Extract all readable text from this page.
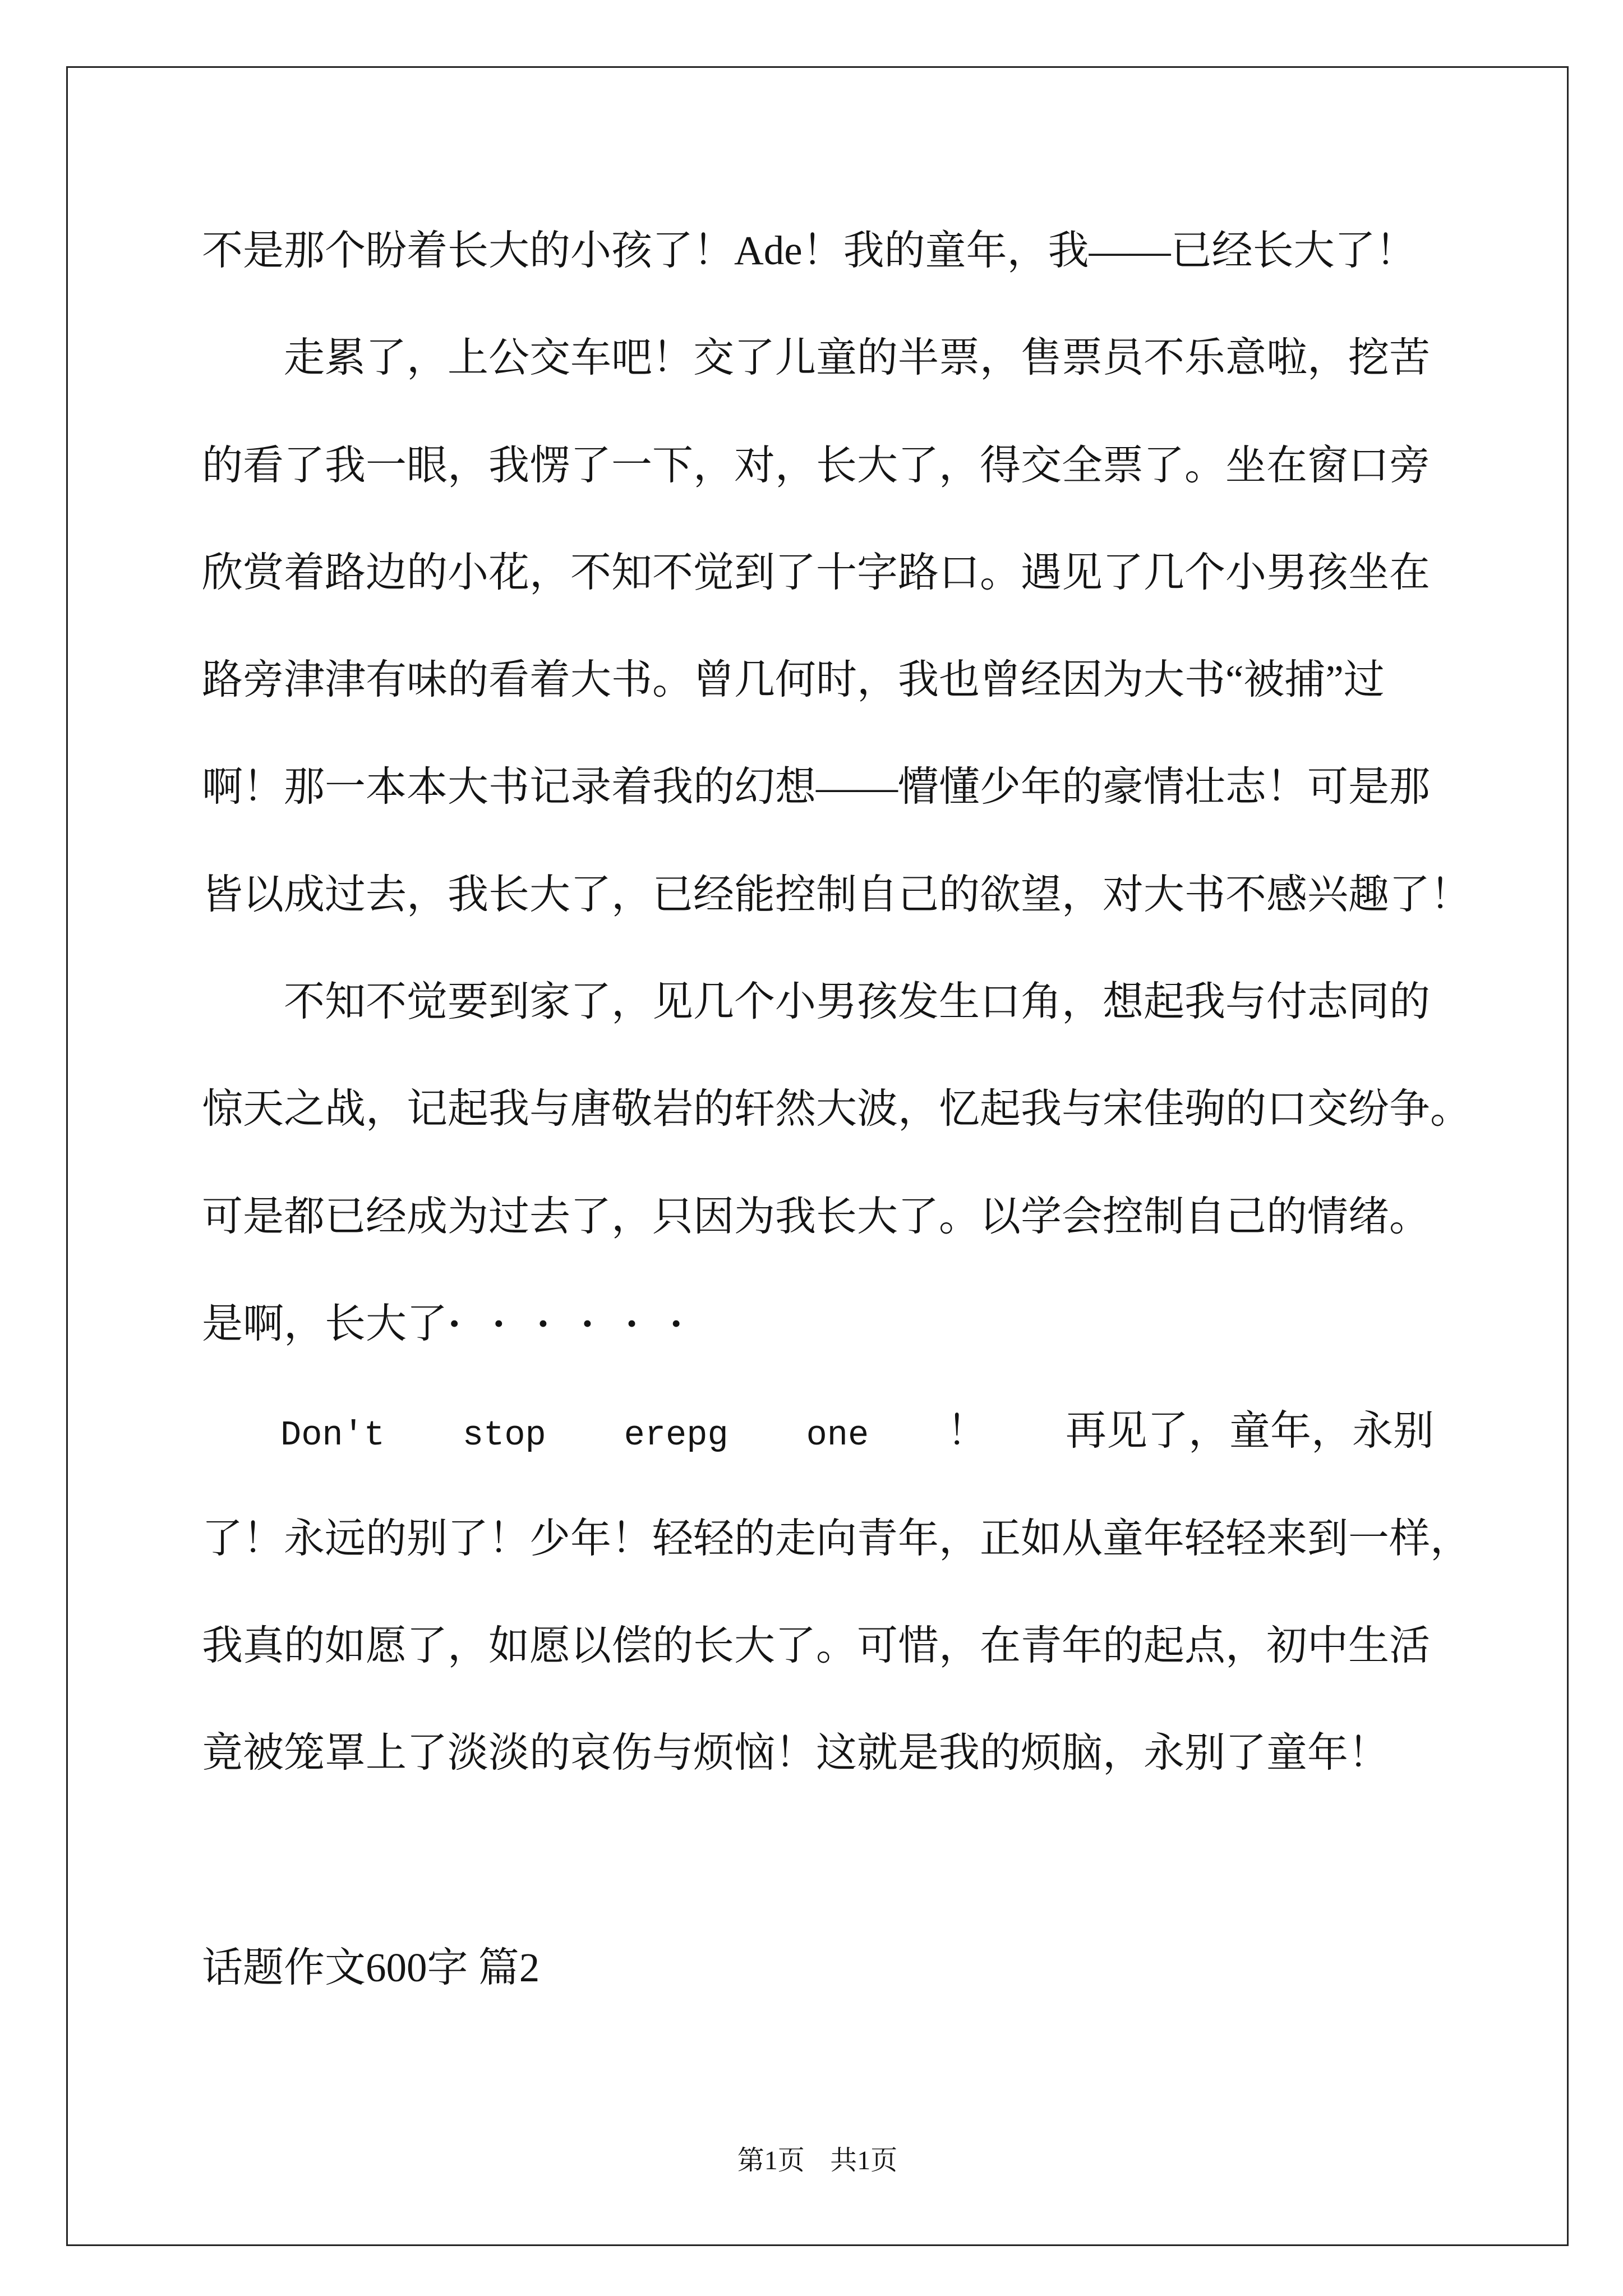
不是那个盼着长大的小孩了！Ade！我的童年，我——已经长大了！
走累了，上公交车吧！交了儿童的半票，售票员不乐意啦，挖苦
的看了我一眼，我愣了一下，对，长大了，得交全票了。坐在窗口旁
欣赏着路边的小花，不知不觉到了十字路口。遇见了几个小男孩坐在
路旁津津有味的看着大书。曾几何时，我也曾经因为大书“被捕”过
啊！那一本本大书记录着我的幻想——懵懂少年的豪情壮志！可是那
皆以成过去，我长大了，已经能控制自己的欲望，对大书不感兴趣了！
不知不觉要到家了，见几个小男孩发生口角，想起我与付志同的
惊天之战，记起我与唐敬岩的轩然大波，忆起我与宋佳驹的口交纷争。
可是都已经成为过去了，只因为我长大了。以学会控制自己的情绪。
是啊，长大了······
Don't stop erepg one ！ 再见了，童年，永别
了！永远的别了！少年！轻轻的走向青年，正如从童年轻轻来到一样，
我真的如愿了，如愿以偿的长大了。可惜，在青年的起点，初中生活
竟被笼罩上了淡淡的哀伤与烦恼！这就是我的烦脑，永别了童年！
话题作文600字 篇2
第1页 共1页
